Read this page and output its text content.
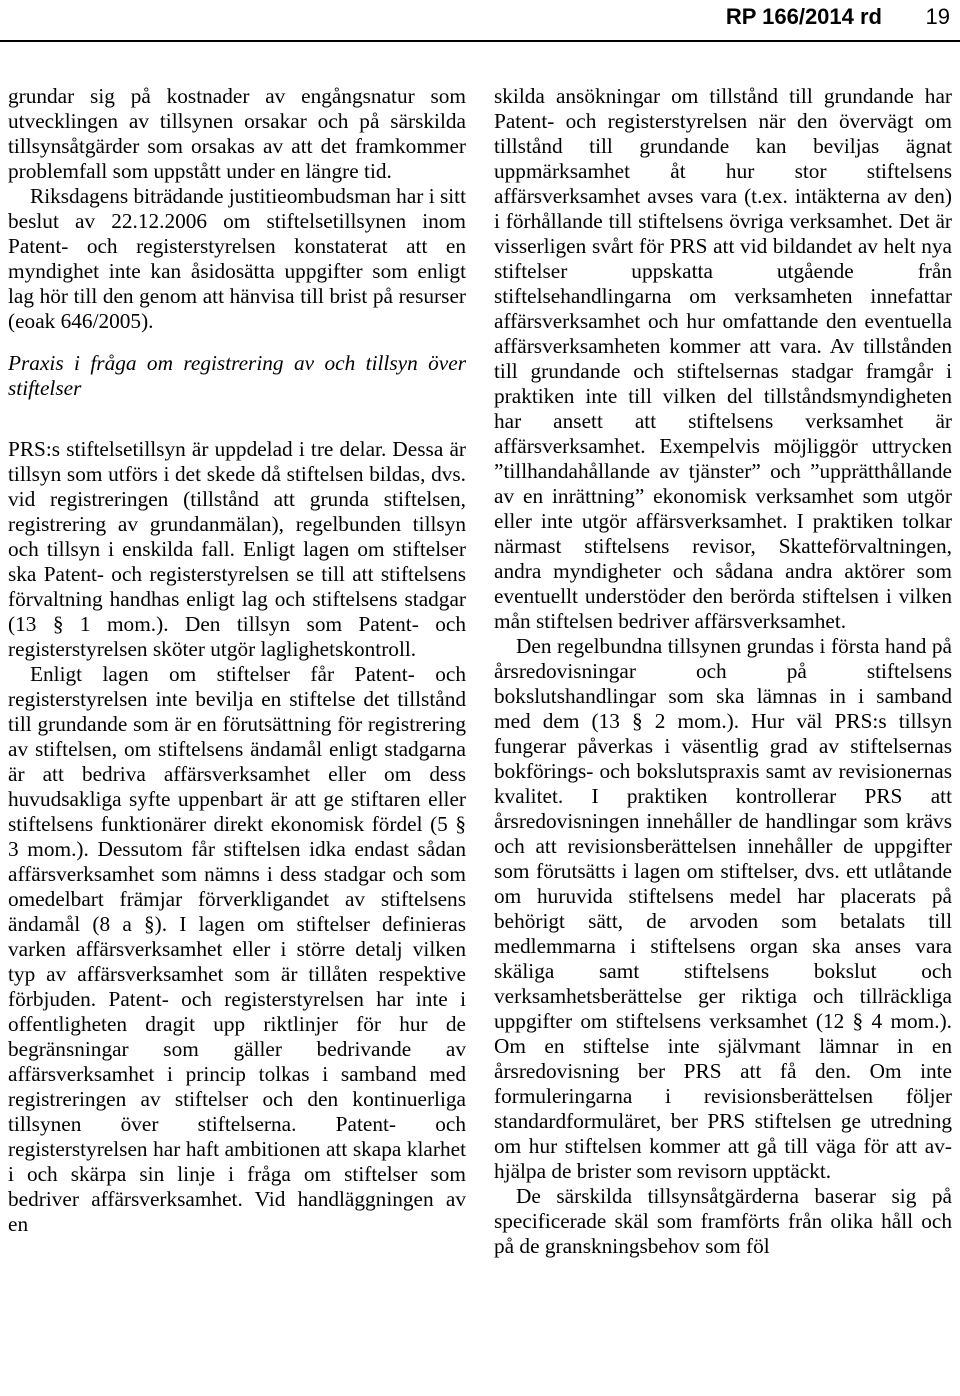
RP 166/2014 rd 19

grundar sig på kostnader av engångsnatur som utvecklingen av tillsynen orsakar och på särskilda tillsynsåtgärder som orsakas av att det framkommer problemfall som uppstått under en längre tid.

Riksdagens biträdande justitieombudsman har i sitt beslut av 22.12.2006 om stiftelsetillsynen inom Patent- och registerstyrelsen konstaterat att en myndighet inte kan åsidosätta uppgifter som enligt lag hör till den genom att hänvisa till brist på resurser (eoak 646/2005).

Praxis i fråga om registrering av och tillsyn över stiftelser

PRS:s stiftelsetillsyn är uppdelad i tre delar. Dessa är tillsyn som utförs i det skede då stiftelsen bildas, dvs. vid registreringen (tillstånd att grunda stiftelsen, registrering av grundanmälan), regelbunden tillsyn och tillsyn i enskilda fall. Enligt lagen om stiftelser ska Patent- och registerstyrelsen se till att stiftelsens förvaltning handhas enligt lag och stiftelsens stadgar (13 § 1 mom.). Den tillsyn som Patent- och registerstyrelsen sköter utgör laglighetskontroll.

Enligt lagen om stiftelser får Patent- och registerstyrelsen inte bevilja en stiftelse det tillstånd till grundande som är en förutsättning för registrering av stiftelsen, om stiftelsens ändamål enligt stadgarna är att bedriva affärsverksamhet eller om dess huvudsakliga syfte uppenbart är att ge stiftaren eller stiftelsens funktionärer direkt ekonomisk fördel (5 § 3 mom.). Dessutom får stiftelsen idka endast sådan affärsverksamhet som nämns i dess stadgar och som omedelbart främjar förverkligandet av stiftelsens ändamål (8 a §). I lagen om stiftelser definieras varken affärsverksamhet eller i större detalj vilken typ av affärsverksamhet som är tillåten respektive förbjuden. Patent- och registerstyrelsen har inte i offentligheten dragit upp riktlinjer för hur de begränsningar som gäller bedrivande av affärsverksamhet i princip tolkas i samband med registreringen av stiftelser och den kontinuerliga tillsynen över stiftelserna. Patent- och registerstyrelsen har haft ambitionen att skapa klarhet i och skärpa sin linje i fråga om stiftelser som bedriver affärsverksamhet. Vid handläggningen av en

skilda ansökningar om tillstånd till grundande har Patent- och registerstyrelsen när den övervägt om tillstånd till grundande kan beviljas ägnat uppmärksamhet åt hur stor stiftelsens affärsverksamhet avses vara (t.ex. intäkterna av den) i förhållande till stiftelsens övriga verksamhet. Det är visserligen svårt för PRS att vid bildandet av helt nya stiftelser uppskatta utgående från stiftelsehandlingarna om verksamheten innefattar affärsverksamhet och hur omfattande den eventuella affärsverksamheten kommer att vara. Av tillstånden till grundande och stiftelsernas stadgar framgår i praktiken inte till vilken del tillståndsmyndigheten har ansett att stiftelsens verksamhet är affärsverksamhet. Exempelvis möjliggör uttrycken ”tillhandahållande av tjänster” och ”upprätthållande av en inrättning” ekonomisk verksamhet som utgör eller inte utgör affärsverksamhet. I praktiken tolkar närmast stiftelsens revisor, Skatteförvaltningen, andra myndigheter och sådana andra aktörer som eventuellt understöder den berörda stiftelsen i vilken mån stiftelsen bedriver affärsverksamhet.

Den regelbundna tillsynen grundas i första hand på årsredovisningar och på stiftelsens bokslutshandlingar som ska lämnas in i samband med dem (13 § 2 mom.). Hur väl PRS:s tillsyn fungerar påverkas i väsentlig grad av stiftelsernas bokförings- och bokslutspraxis samt av revisionernas kvalitet. I praktiken kontrollerar PRS att årsredovisningen innehåller de handlingar som krävs och att revisionsberättelsen innehåller de uppgifter som förutsätts i lagen om stiftelser, dvs. ett utlåtande om huruvida stiftelsens medel har placerats på behörigt sätt, de arvoden som betalats till medlemmarna i stiftelsens organ ska anses vara skäliga samt stiftelsens bokslut och verksamhetsberättelse ger riktiga och tillräckliga uppgifter om stiftelsens verksamhet (12 § 4 mom.). Om en stiftelse inte självmant lämnar in en årsredovisning ber PRS att få den. Om inte formuleringarna i revisionsberättelsen följer standardformuläret, ber PRS stiftelsen ge utredning om hur stiftelsen kommer att gå till väga för att avhjälpa de brister som revisorn upptäckt.

De särskilda tillsynsåtgärderna baserar sig på specificerade skäl som framförts från olika håll och på de granskningsbehov som föl
